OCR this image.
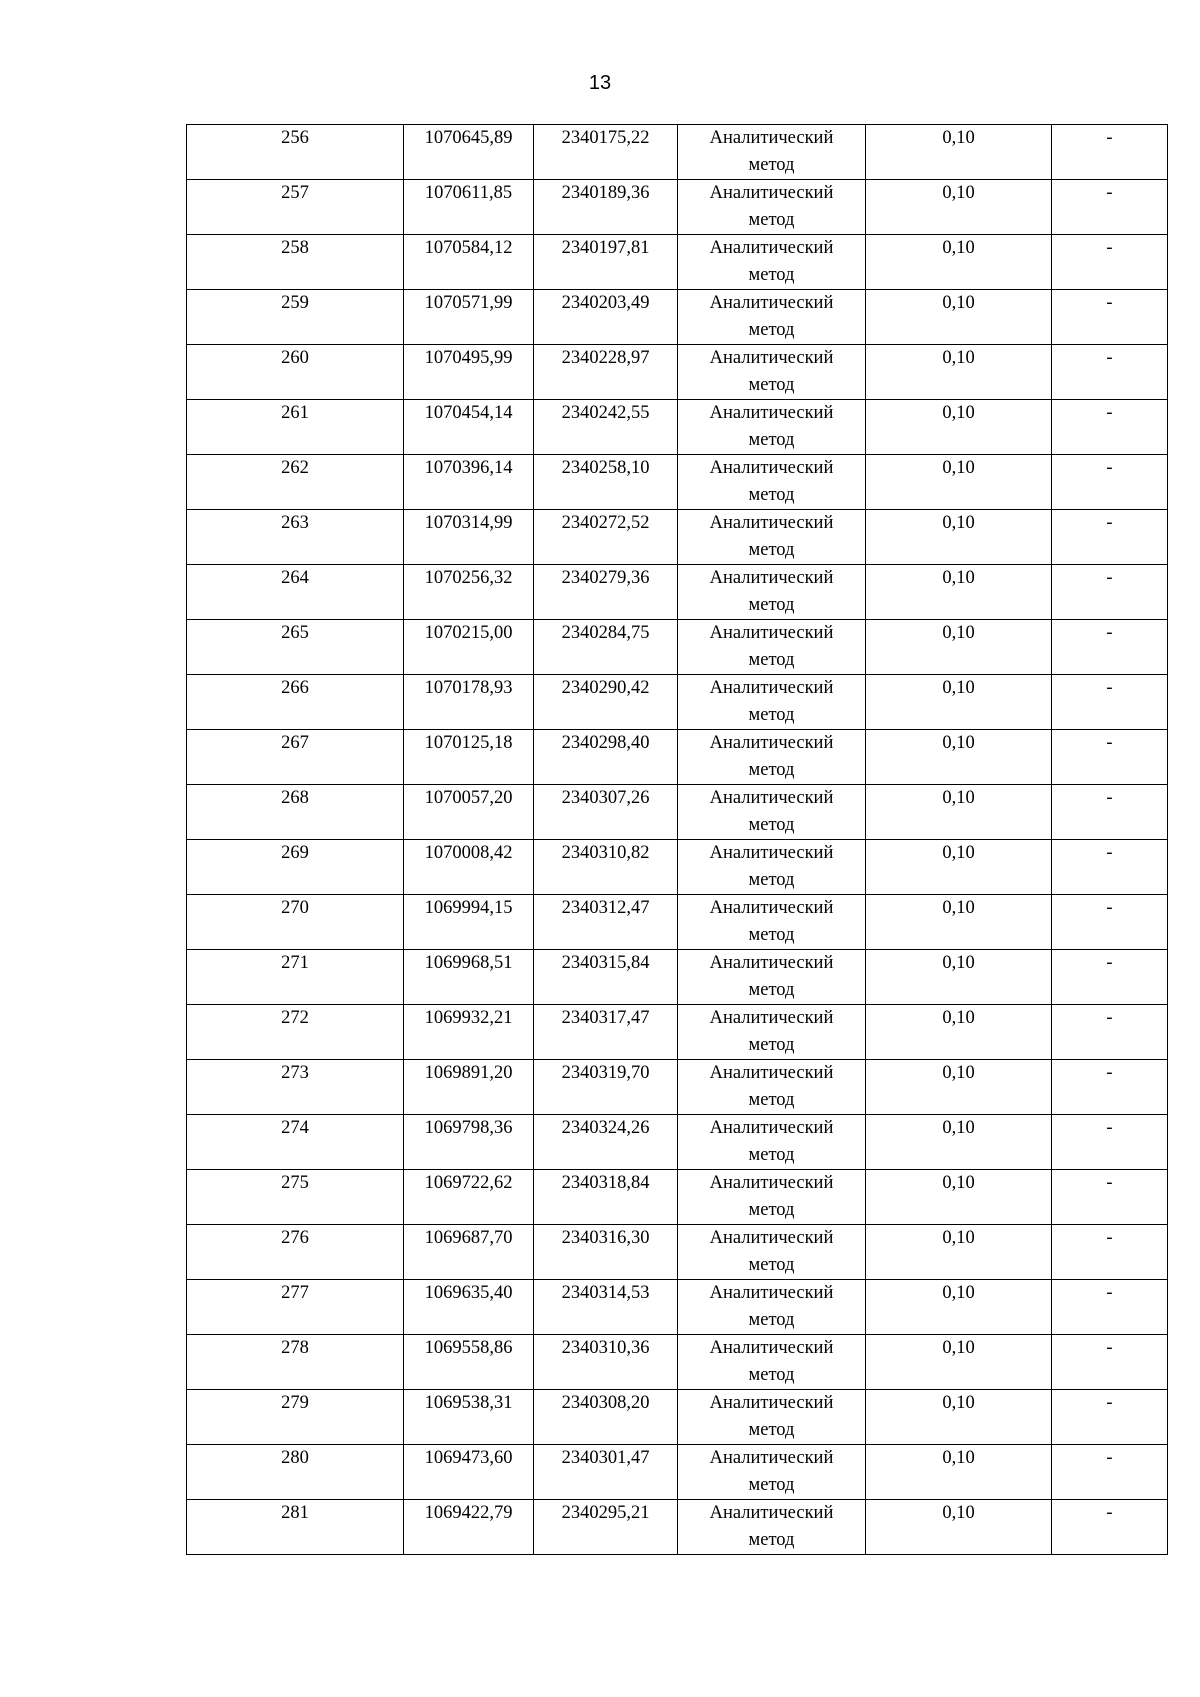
13
256	1070645,89	2340175,22	Аналитический
метод	0,10	-
257	1070611,85	2340189,36	Аналитический
метод	0,10	-
258	1070584,12	2340197,81	Аналитический
метод	0,10	-
259	1070571,99	2340203,49	Аналитический
метод	0,10	-
260	1070495,99	2340228,97	Аналитический
метод	0,10	-
261	1070454,14	2340242,55	Аналитический
метод	0,10	-
262	1070396,14	2340258,10	Аналитический
метод	0,10	-
263	1070314,99	2340272,52	Аналитический
метод	0,10	-
264	1070256,32	2340279,36	Аналитический
метод	0,10	-
265	1070215,00	2340284,75	Аналитический
метод	0,10	-
266	1070178,93	2340290,42	Аналитический
метод	0,10	-
267	1070125,18	2340298,40	Аналитический
метод	0,10	-
268	1070057,20	2340307,26	Аналитический
метод	0,10	-
269	1070008,42	2340310,82	Аналитический
метод	0,10	-
270	1069994,15	2340312,47	Аналитический
метод	0,10	-
271	1069968,51	2340315,84	Аналитический
метод	0,10	-
272	1069932,21	2340317,47	Аналитический
метод	0,10	-
273	1069891,20	2340319,70	Аналитический
метод	0,10	-
274	1069798,36	2340324,26	Аналитический
метод	0,10	-
275	1069722,62	2340318,84	Аналитический
метод	0,10	-
276	1069687,70	2340316,30	Аналитический
метод	0,10	-
277	1069635,40	2340314,53	Аналитический
метод	0,10	-
278	1069558,86	2340310,36	Аналитический
метод	0,10	-
279	1069538,31	2340308,20	Аналитический
метод	0,10	-
280	1069473,60	2340301,47	Аналитический
метод	0,10	-
281	1069422,79	2340295,21	Аналитический
метод	0,10	-
